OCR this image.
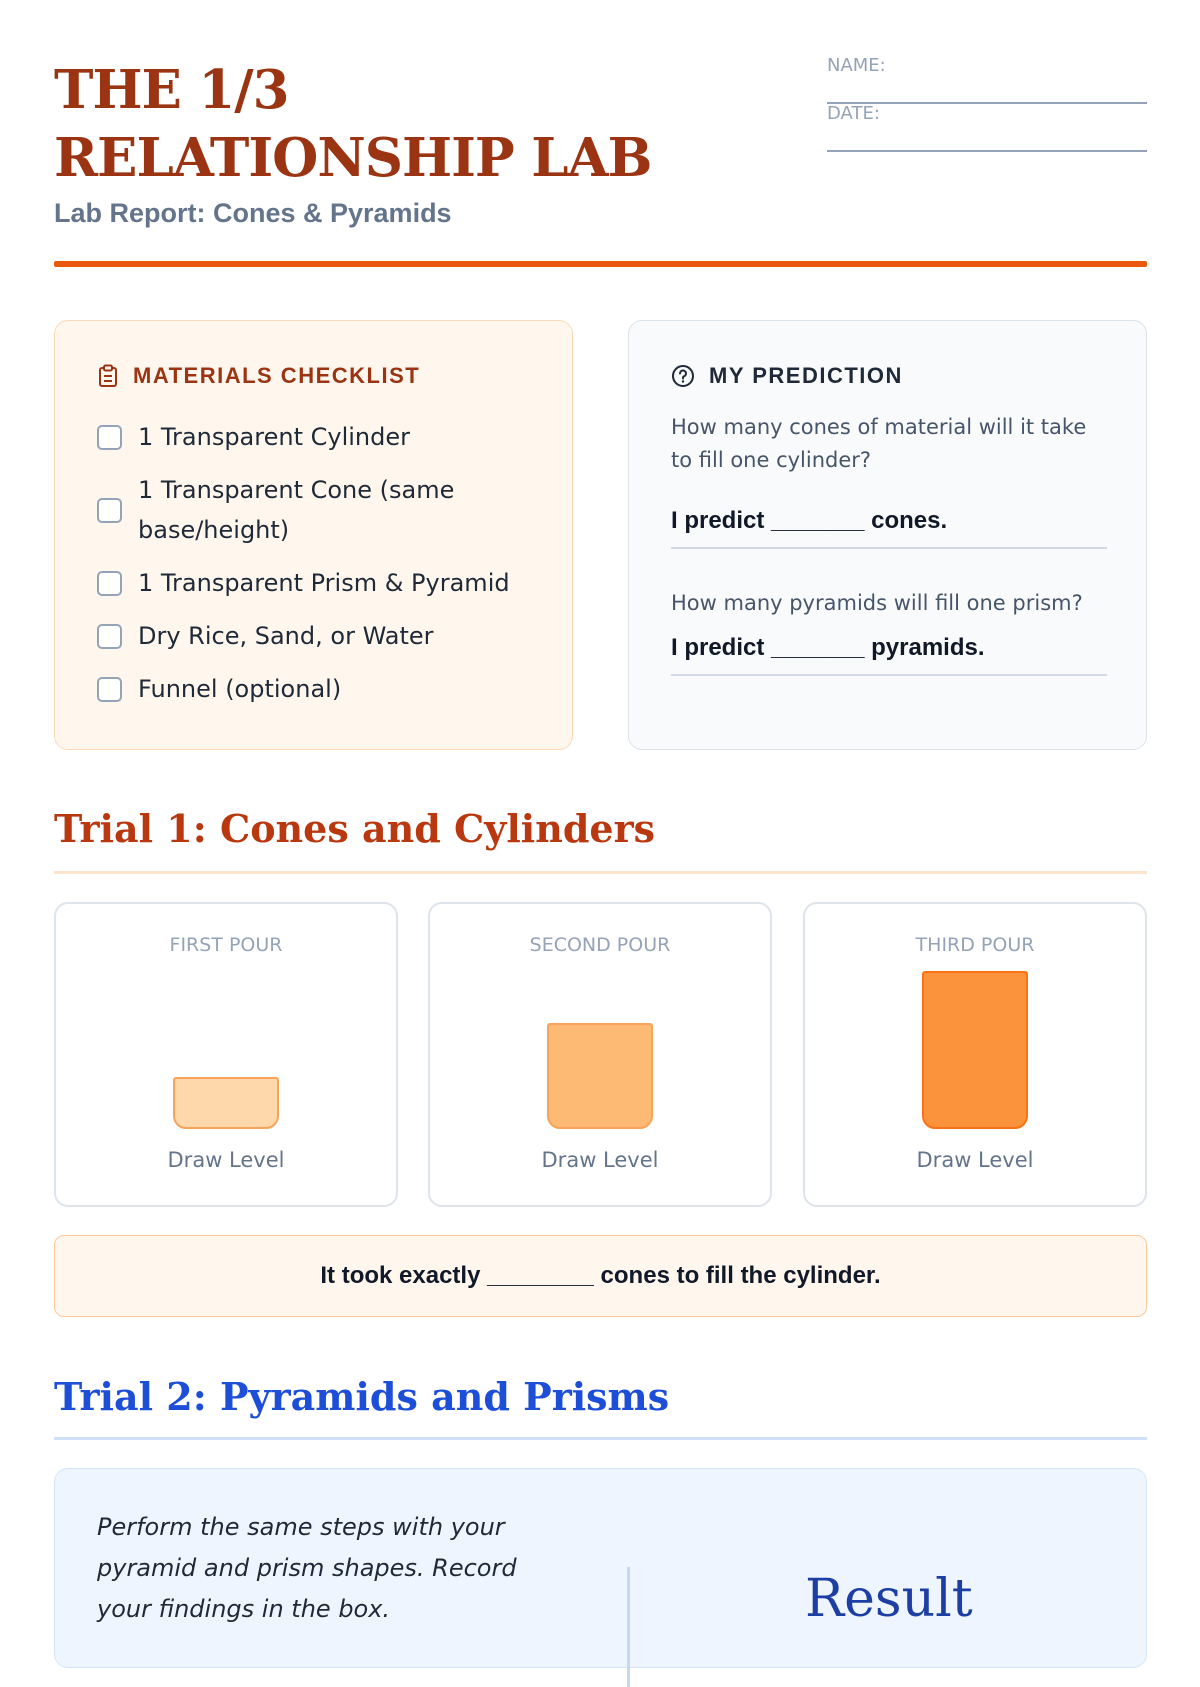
THE 1/3 RELATIONSHIP LAB
Lab Report: Cones & Pyramids
NAME:
DATE:
MATERIALS CHECKLIST
1 Transparent Cylinder
1 Transparent Cone (same base/height)
1 Transparent Prism & Pyramid
Dry Rice, Sand, or Water
Funnel (optional)
MY PREDICTION

How many cones of material will it take to fill one cylinder?

I predict _______ cones.

How many pyramids will fill one prism?

I predict _______ pyramids.
Trial 1: Cones and Cylinders
FIRST POUR
Draw Level
SECOND POUR
Draw Level
THIRD POUR
Draw Level
It took exactly ________ cones to fill the cylinder.
Trial 2: Pyramids and Prisms

Perform the same steps with your pyramid and prism shapes. Record your findings in the box.	Result
